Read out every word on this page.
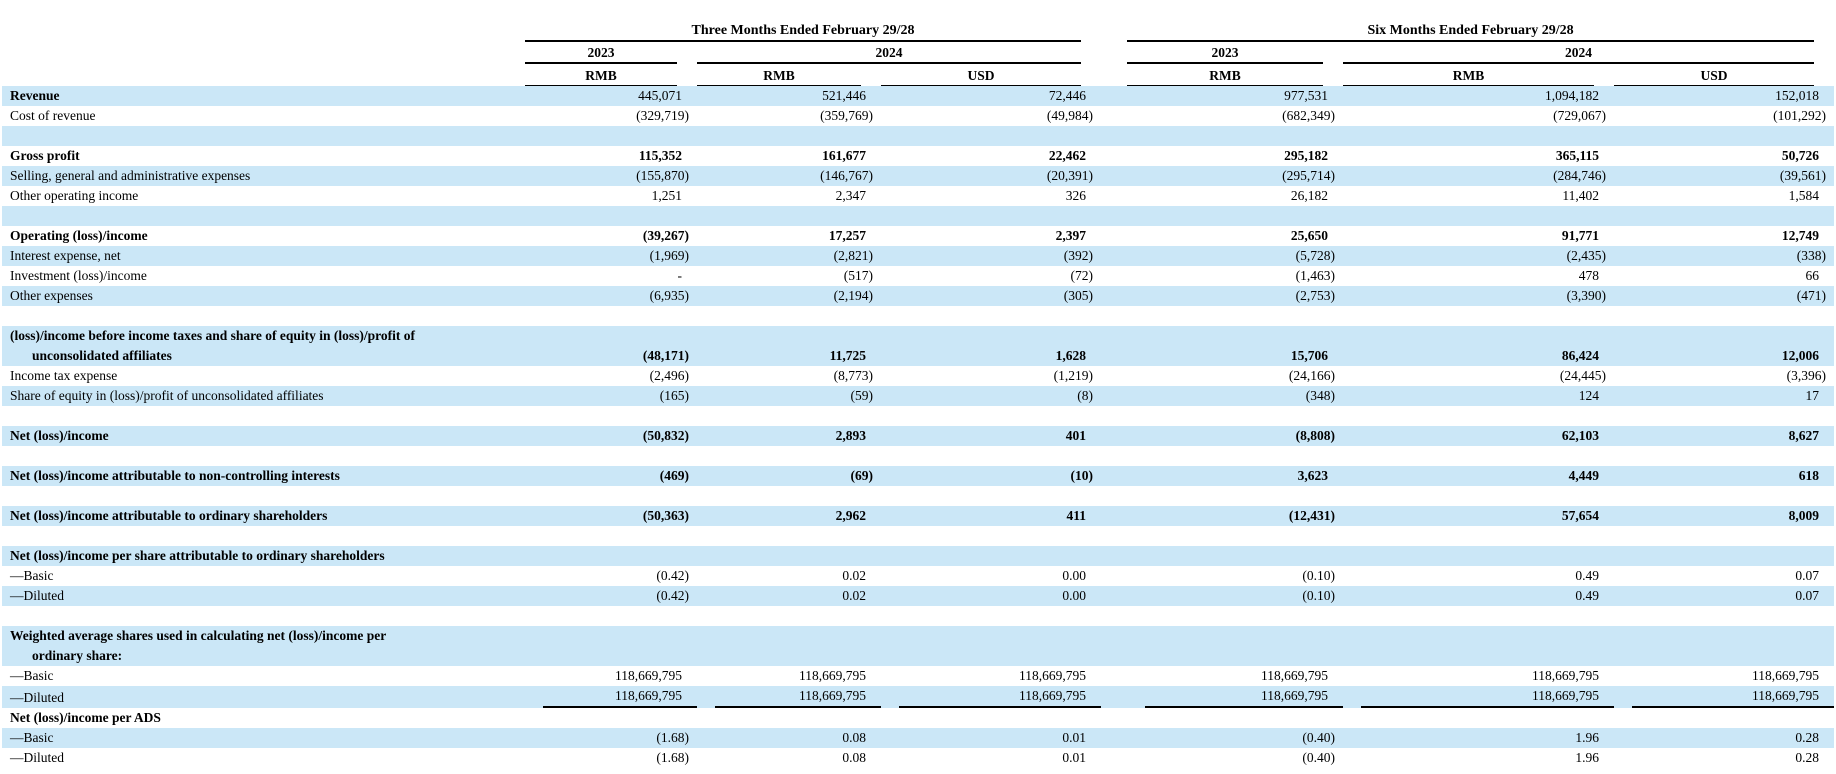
	Three Months Ended February 29/28				Six Months Ended February 29/28		

	2023	2024			2023	2024	

	RMB	RMB	USD		RMB	RMB	USD

Revenue	445,071	521,446	72,446		977,531	1,094,182	152,018
Cost of revenue	(329,719)	(359,769)	(49,984)		(682,349)	(729,067)	(101,292)

Gross profit	115,352	161,677	22,462		295,182	365,115	50,726
Selling, general and administrative expenses	(155,870)	(146,767)	(20,391)		(295,714)	(284,746)	(39,561)
Other operating income	1,251	2,347	326		26,182	11,402	1,584

Operating (loss)/income	(39,267)	17,257	2,397		25,650	91,771	12,749
Interest expense, net	(1,969)	(2,821)	(392)		(5,728)	(2,435)	(338)
Investment (loss)/income	-	(517)	(72)		(1,463)	478	66
Other expenses	(6,935)	(2,194)	(305)		(2,753)	(3,390)	(471)

(loss)/income before income taxes and share of equity in (loss)/profit of
unconsolidated affiliates	(48,171)	11,725	1,628		15,706	86,424	12,006
Income tax expense	(2,496)	(8,773)	(1,219)		(24,166)	(24,445)	(3,396)
Share of equity in (loss)/profit of unconsolidated affiliates	(165)	(59)	(8)		(348)	124	17

Net (loss)/income	(50,832)	2,893	401		(8,808)	62,103	8,627

Net (loss)/income attributable to non-controlling interests	(469)	(69)	(10)		3,623	4,449	618

Net (loss)/income attributable to ordinary shareholders	(50,363)	2,962	411		(12,431)	57,654	8,009

Net (loss)/income per share attributable to ordinary shareholders							
—Basic	(0.42)	0.02	0.00		(0.10)	0.49	0.07
—Diluted	(0.42)	0.02	0.00		(0.10)	0.49	0.07

Weighted average shares used in calculating net (loss)/income per
ordinary share:							

—Basic	118,669,795	118,669,795	118,669,795		118,669,795	118,669,795	118,669,795
—Diluted	118,669,795	118,669,795	118,669,795		118,669,795	118,669,795	118,669,795

Net (loss)/income per ADS							
—Basic	(1.68)	0.08	0.01		(0.40)	1.96	0.28
—Diluted	(1.68)	0.08	0.01		(0.40)	1.96	0.28
